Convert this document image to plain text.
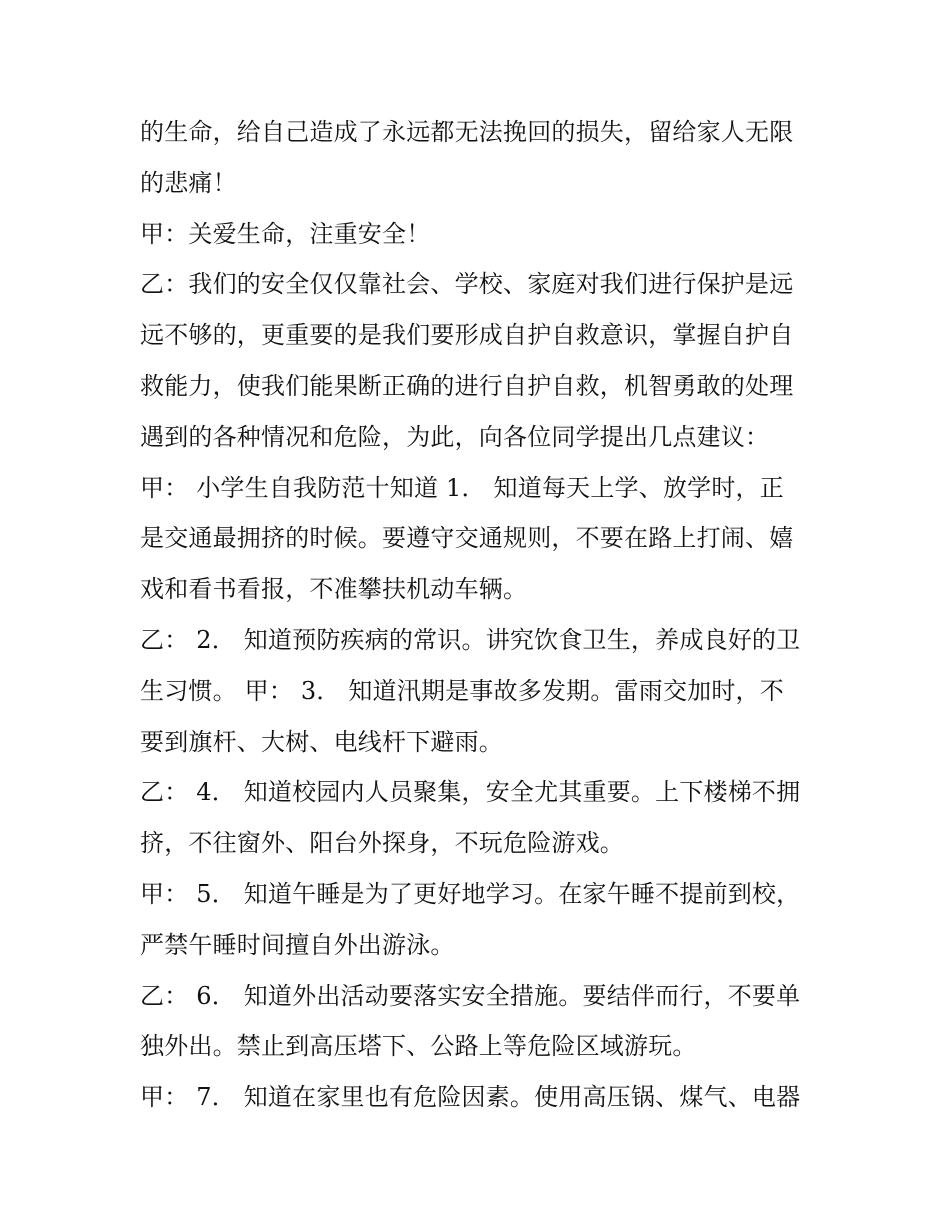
的生命，给自己造成了永远都无法挽回的损失，留给家人无限
的悲痛！
甲：关爱生命，注重安全！
乙：我们的安全仅仅靠社会、学校、家庭对我们进行保护是远
远不够的，更重要的是我们要形成自护自救意识，掌握自护自
救能力，使我们能果断正确的进行自护自救，机智勇敢的处理
遇到的各种情况和危险，为此，向各位同学提出几点建议：
甲： 小学生自我防范十知道 1． 知道每天上学、放学时，正
是交通最拥挤的时候。要遵守交通规则，不要在路上打闹、嬉
戏和看书看报，不准攀扶机动车辆。
乙： 2． 知道预防疾病的常识。讲究饮食卫生，养成良好的卫
生习惯。 甲： 3． 知道汛期是事故多发期。雷雨交加时，不
要到旗杆、大树、电线杆下避雨。
乙： 4． 知道校园内人员聚集，安全尤其重要。上下楼梯不拥
挤，不往窗外、阳台外探身，不玩危险游戏。
甲： 5． 知道午睡是为了更好地学习。在家午睡不提前到校，
严禁午睡时间擅自外出游泳。
乙： 6． 知道外出活动要落实安全措施。要结伴而行，不要单
独外出。禁止到高压塔下、公路上等危险区域游玩。
甲： 7． 知道在家里也有危险因素。使用高压锅、煤气、电器
